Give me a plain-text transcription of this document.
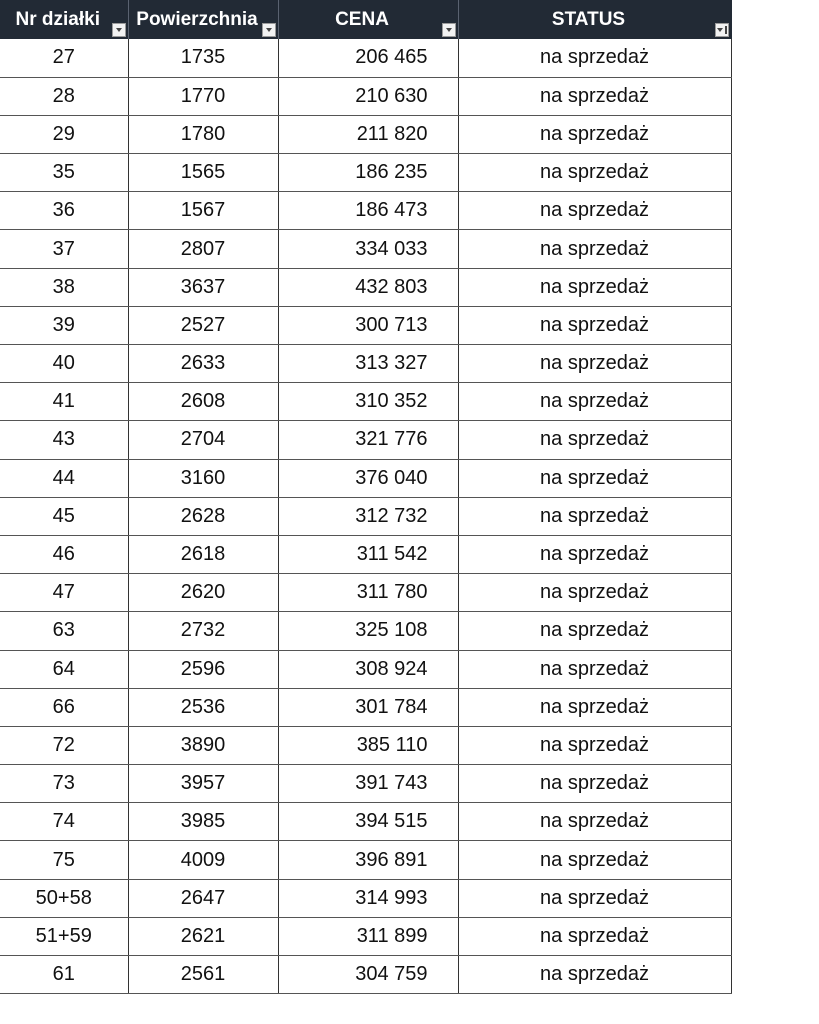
Nr działki	Powierzchnia	CENA	STATUS

27	1735	206 465	na sprzedaż
28	1770	210 630	na sprzedaż
29	1780	211 820	na sprzedaż
35	1565	186 235	na sprzedaż
36	1567	186 473	na sprzedaż
37	2807	334 033	na sprzedaż
38	3637	432 803	na sprzedaż
39	2527	300 713	na sprzedaż
40	2633	313 327	na sprzedaż
41	2608	310 352	na sprzedaż
43	2704	321 776	na sprzedaż
44	3160	376 040	na sprzedaż
45	2628	312 732	na sprzedaż
46	2618	311 542	na sprzedaż
47	2620	311 780	na sprzedaż
63	2732	325 108	na sprzedaż
64	2596	308 924	na sprzedaż
66	2536	301 784	na sprzedaż
72	3890	385 110	na sprzedaż
73	3957	391 743	na sprzedaż
74	3985	394 515	na sprzedaż
75	4009	396 891	na sprzedaż
50+58	2647	314 993	na sprzedaż
51+59	2621	311 899	na sprzedaż
61	2561	304 759	na sprzedaż
